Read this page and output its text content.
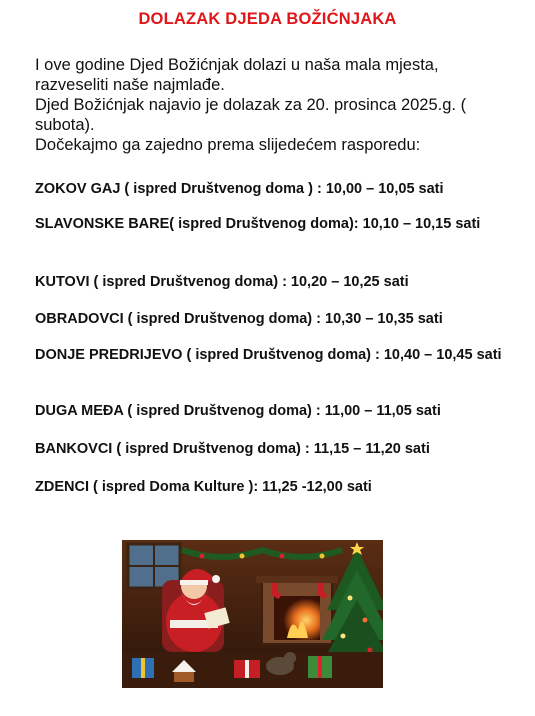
DOLAZAK DJEDA BOŽIĆNJAKA

I ove godine Djed Božićnjak dolazi u naša mala mjesta,

razveseliti naše najmlađe.

Djed Božićnjak najavio je dolazak za 20. prosinca 2025.g. (

subota).

Dočekajmo ga zajedno prema slijedećem rasporedu:

ZOKOV GAJ ( ispred Društvenog doma ) : 10,00 – 10,05 sati

SLAVONSKE BARE( ispred Društvenog doma): 10,10 – 10,15 sati

KUTOVI ( ispred Društvenog doma) : 10,20 – 10,25 sati

OBRADOVCI ( ispred Društvenog doma) : 10,30 – 10,35 sati

DONJE PREDRIJEVO ( ispred Društvenog doma) : 10,40 – 10,45 sati

DUGA MEĐA ( ispred Društvenog doma) : 11,00 – 11,05 sati

BANKOVCI ( ispred Društvenog doma) : 11,15 – 11,20 sati

ZDENCI ( ispred Doma Kulture ): 11,25 -12,00 sati
